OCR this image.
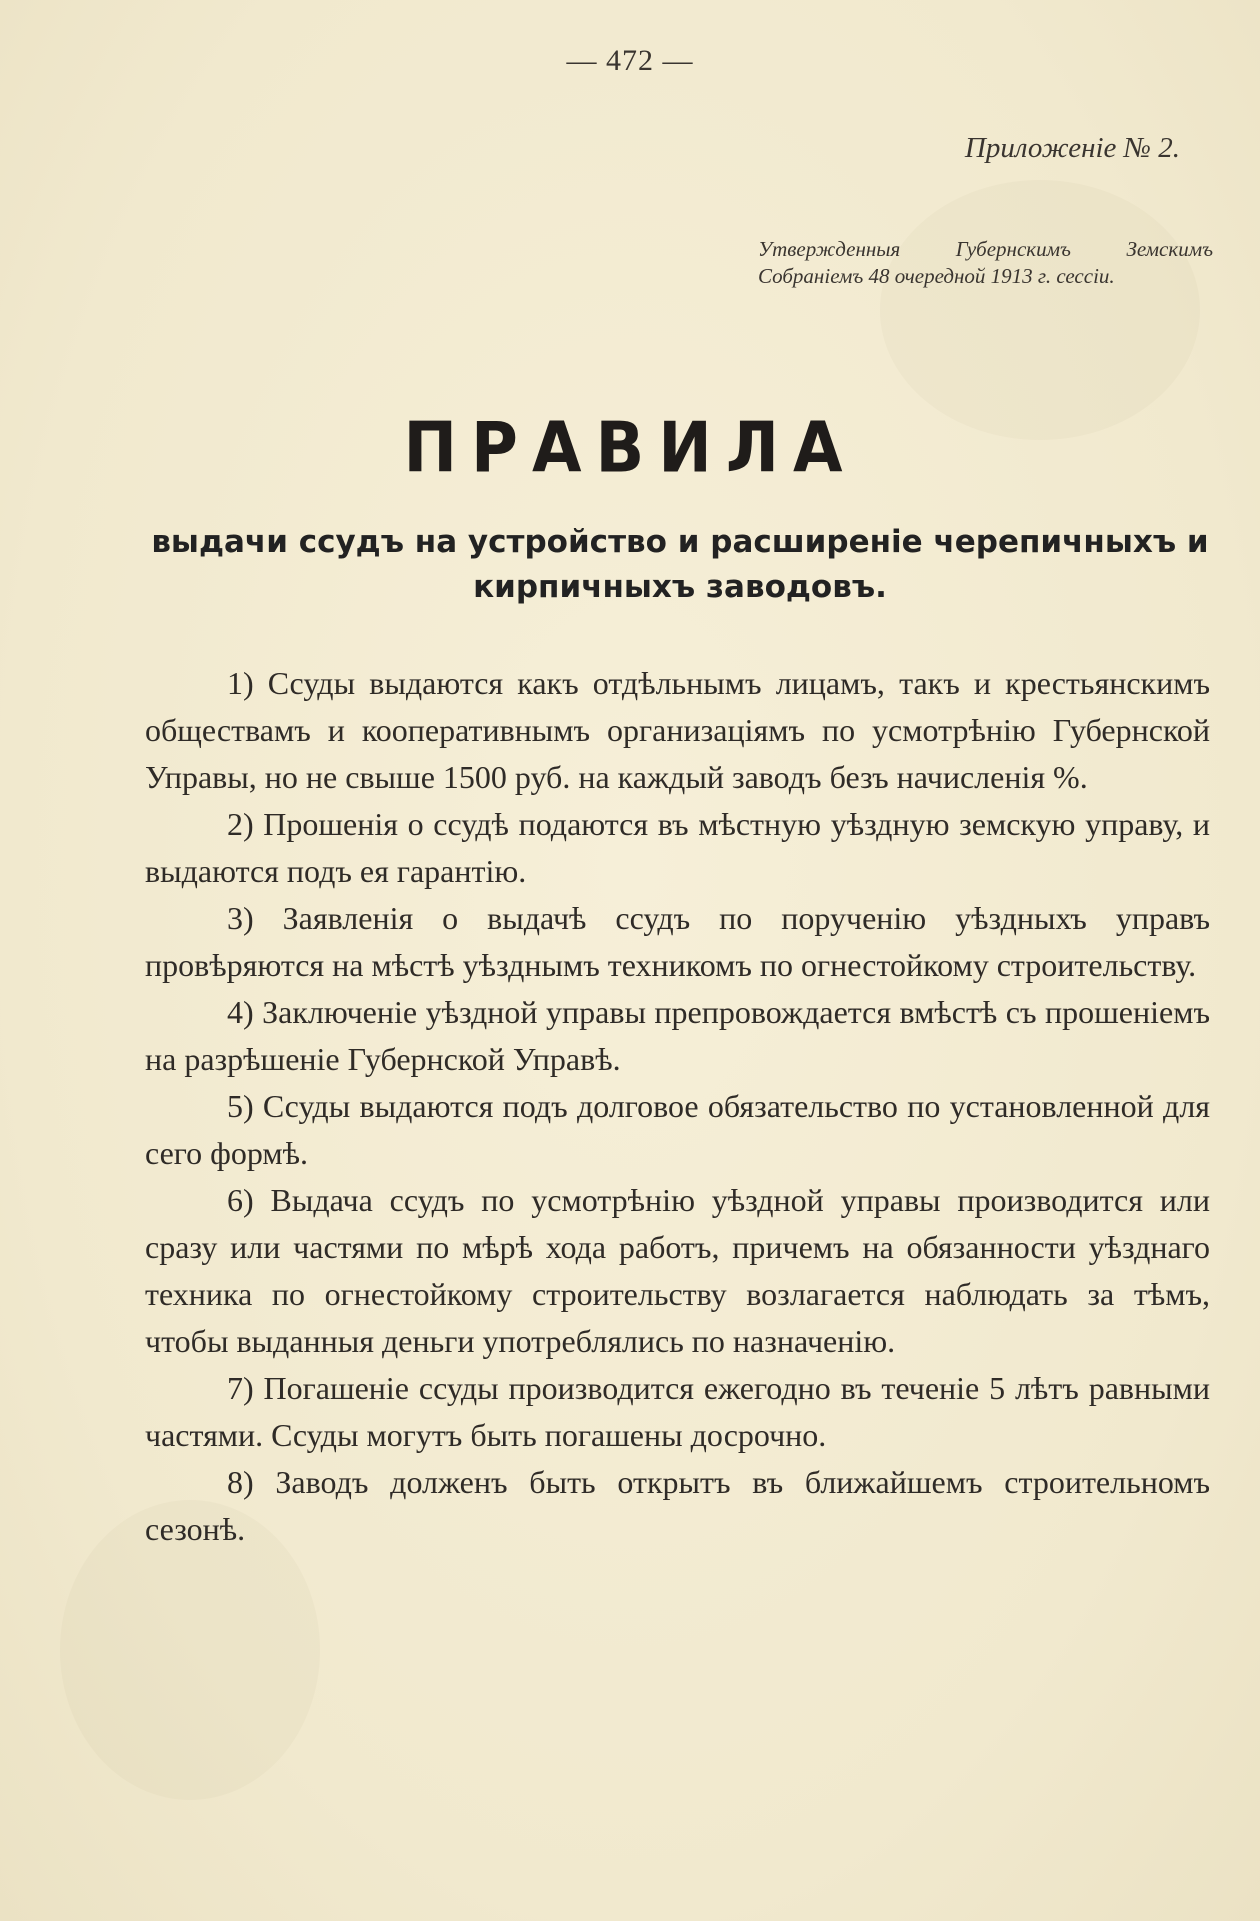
— 472 —
Приложенiе № 2.
Утвержденныя Губернскимъ Земскимъ Собранiемъ 48 очередной 1913 г. сессiи.
ПРАВИЛА
выдачи ссудъ на устройство и расширенiе черепичныхъ и кирпичныхъ заводовъ.

1) Ссуды выдаются какъ отдѣльнымъ лицамъ, такъ и крестьянскимъ обществамъ и кооперативнымъ организацiямъ по усмотрѣнiю Губернской Управы, но не свыше 1500 руб. на каждый заводъ безъ начисленiя %.

2) Прошенiя о ссудѣ подаются въ мѣстную уѣздную земскую управу, и выдаются подъ ея гарантiю.

3) Заявленiя о выдачѣ ссудъ по порученiю уѣздныхъ управъ провѣряются на мѣстѣ уѣзднымъ техникомъ по огнестойкому строительству.

4) Заключенiе уѣздной управы препровождается вмѣстѣ съ прошенiемъ на разрѣшенiе Губернской Управѣ.

5) Ссуды выдаются подъ долговое обязательство по установленной для сего формѣ.

6) Выдача ссудъ по усмотрѣнiю уѣздной управы производится или сразу или частями по мѣрѣ хода работъ, причемъ на обязанности уѣзднаго техника по огнестойкому строительству возлагается наблюдать за тѣмъ, чтобы выданныя деньги употреблялись по назначенiю.

7) Погашенiе ссуды производится ежегодно въ теченiе 5 лѣтъ равными частями. Ссуды могутъ быть погашены досрочно.

8) Заводъ долженъ быть открытъ въ ближайшемъ строительномъ сезонѣ.
